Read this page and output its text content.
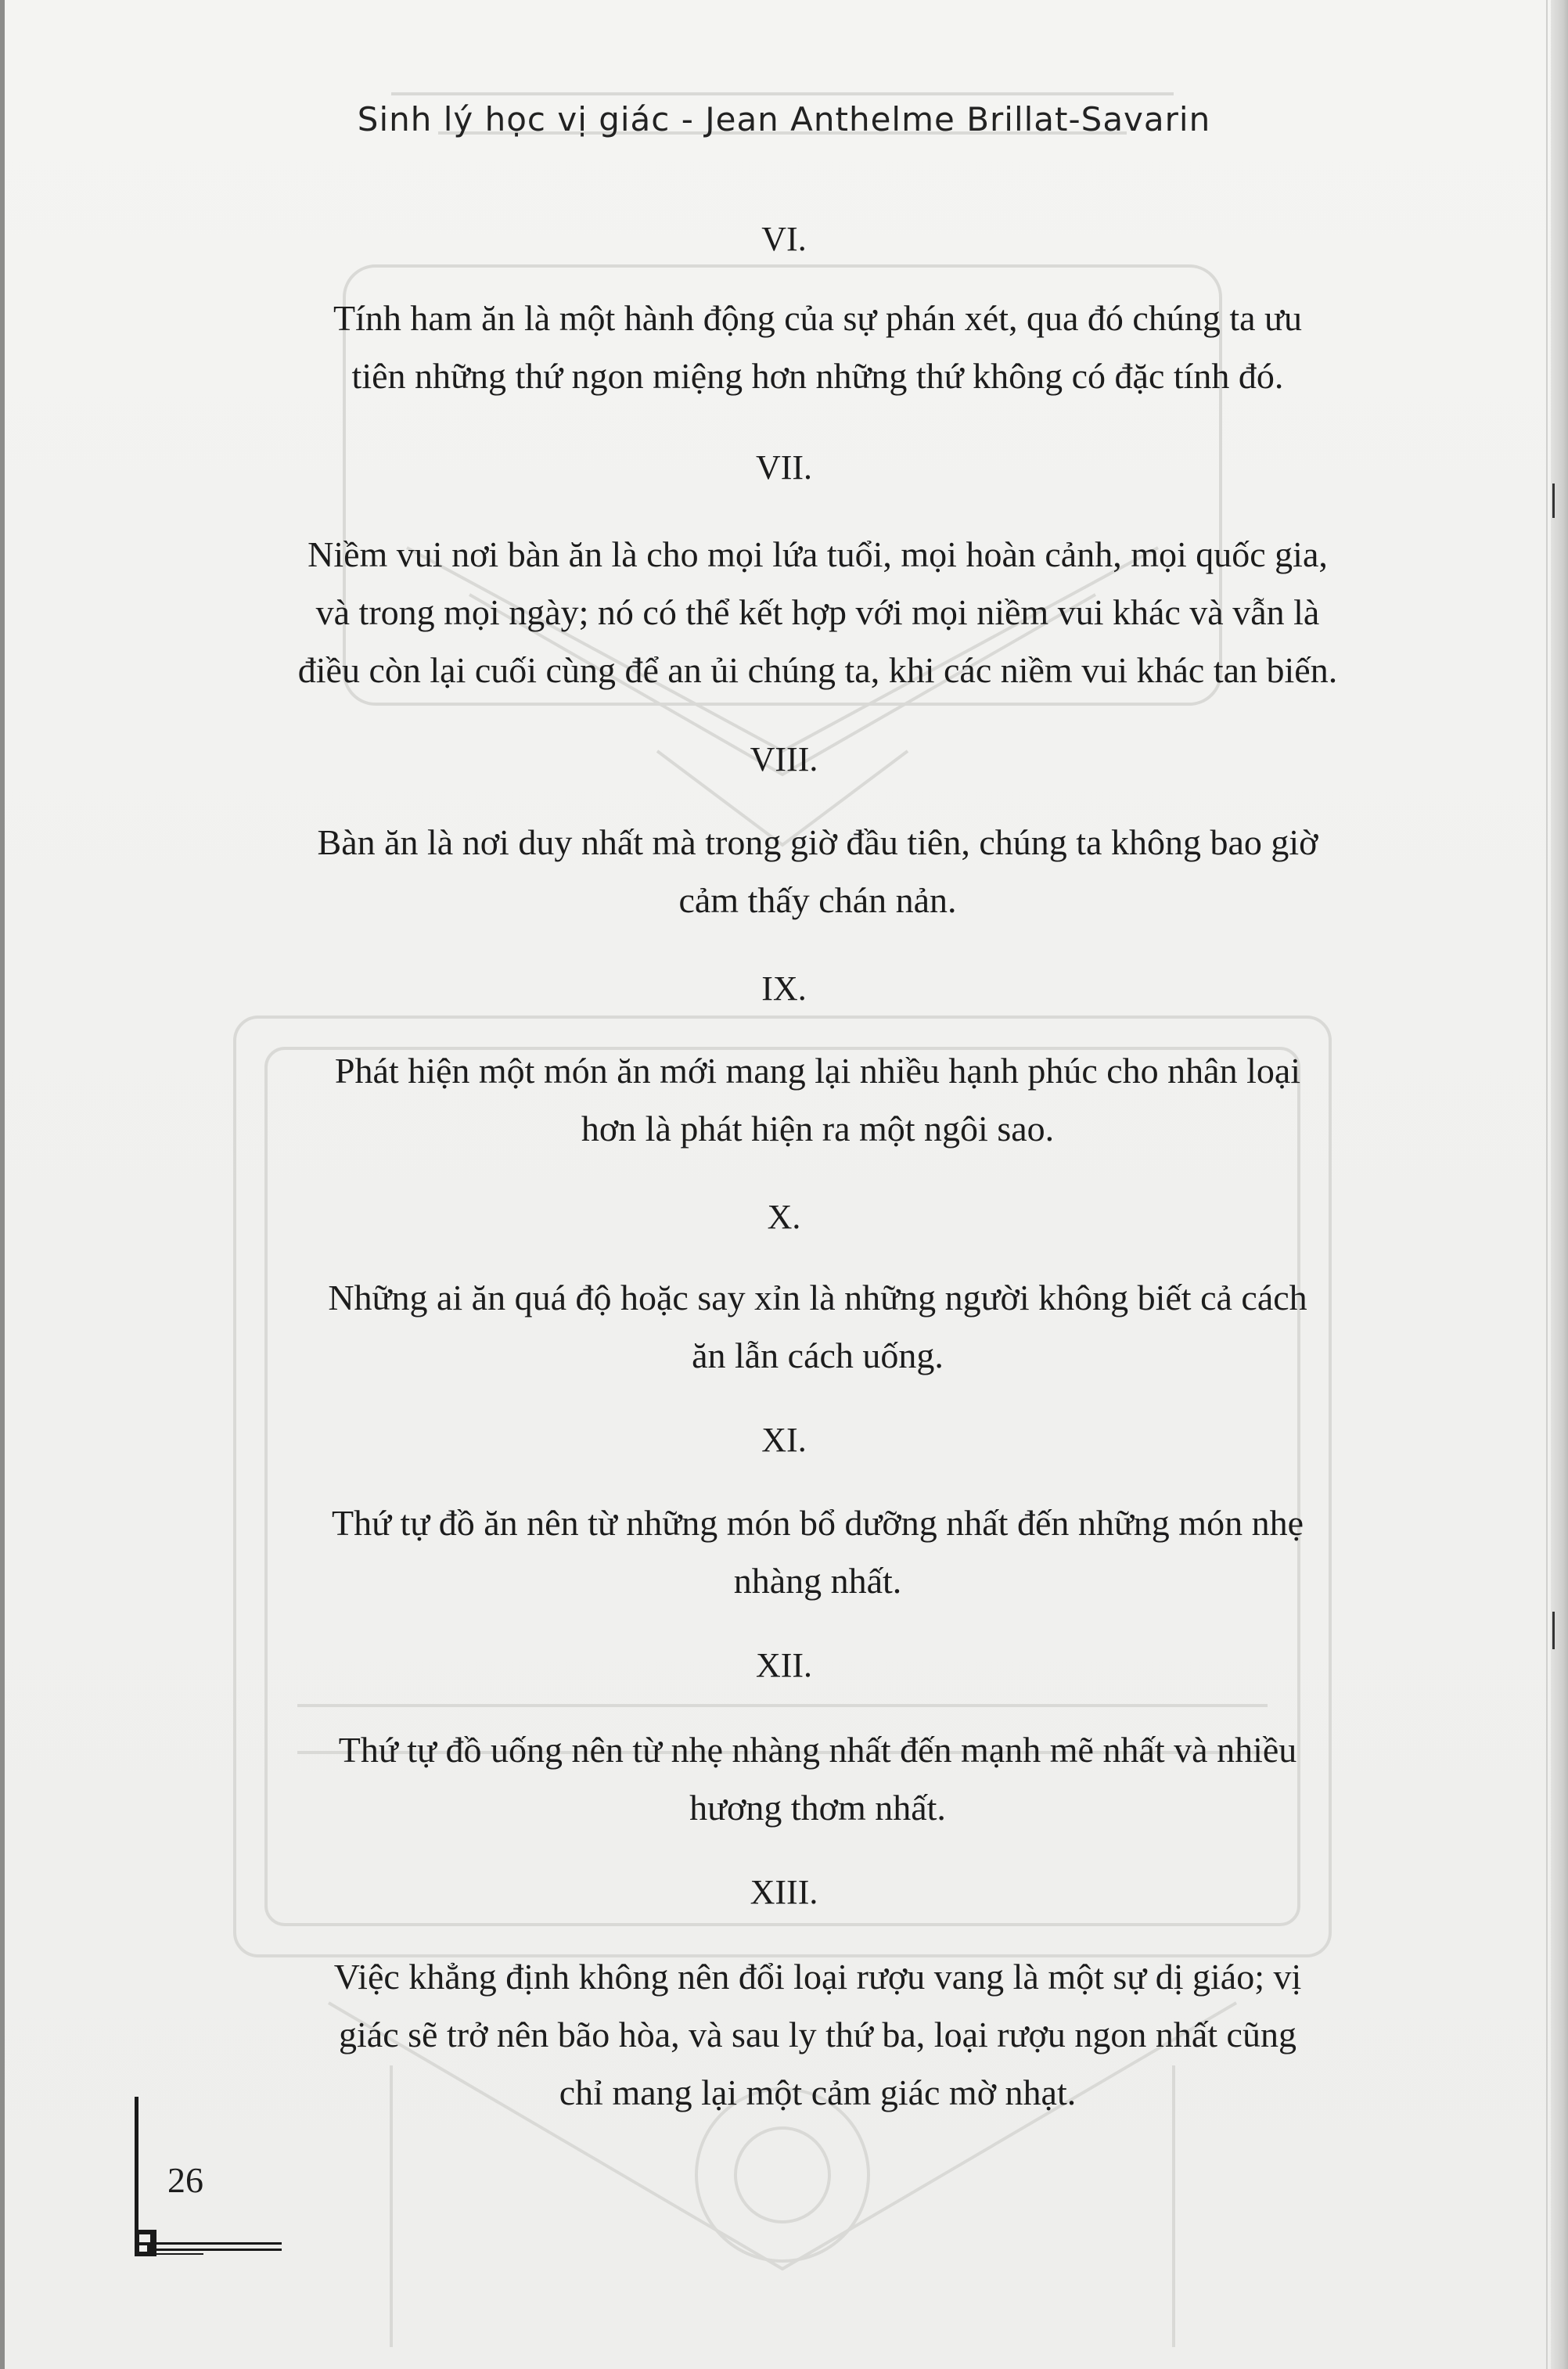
Sinh lý học vị giác - Jean Anthelme Brillat-Savarin
VI.
Tính ham ăn là một hành động của sự phán xét, qua đó chúng ta ưu
tiên những thứ ngon miệng hơn những thứ không có đặc tính đó.
VII.
Niềm vui nơi bàn ăn là cho mọi lứa tuổi, mọi hoàn cảnh, mọi quốc gia,
và trong mọi ngày; nó có thể kết hợp với mọi niềm vui khác và vẫn là
điều còn lại cuối cùng để an ủi chúng ta, khi các niềm vui khác tan biến.
VIII.
Bàn ăn là nơi duy nhất mà trong giờ đầu tiên, chúng ta không bao giờ
cảm thấy chán nản.
IX.
Phát hiện một món ăn mới mang lại nhiều hạnh phúc cho nhân loại
hơn là phát hiện ra một ngôi sao.
X.
Những ai ăn quá độ hoặc say xỉn là những người không biết cả cách
ăn lẫn cách uống.
XI.
Thứ tự đồ ăn nên từ những món bổ dưỡng nhất đến những món nhẹ
nhàng nhất.
XII.
Thứ tự đồ uống nên từ nhẹ nhàng nhất đến mạnh mẽ nhất và nhiều
hương thơm nhất.
XIII.
Việc khẳng định không nên đổi loại rượu vang là một sự dị giáo; vị
giác sẽ trở nên bão hòa, và sau ly thứ ba, loại rượu ngon nhất cũng
chỉ mang lại một cảm giác mờ nhạt.
26
